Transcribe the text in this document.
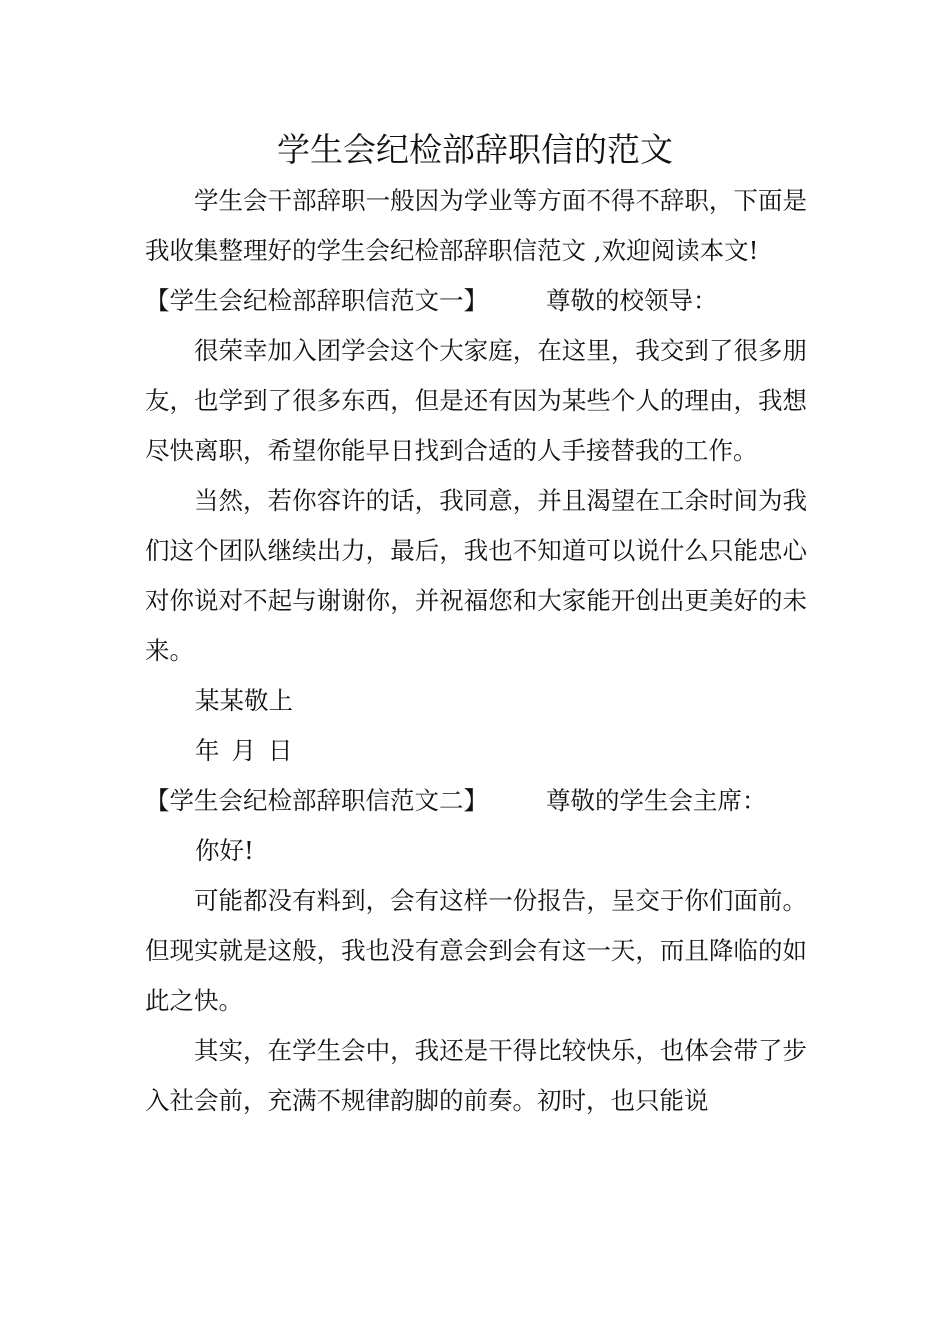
学生会纪检部辞职信的范文

学生会干部辞职一般因为学业等方面不得不辞职，下面是我收集整理好的学生会纪检部辞职信范文 ,欢迎阅读本文!

【学生会纪检部辞职信范文一】 尊敬的校领导：

很荣幸加入团学会这个大家庭，在这里，我交到了很多朋友，也学到了很多东西，但是还有因为某些个人的理由，我想尽快离职，希望你能早日找到合适的人手接替我的工作。

当然，若你容许的话，我同意，并且渴望在工余时间为我们这个团队继续出力，最后，我也不知道可以说什么只能忠心对你说对不起与谢谢你，并祝福您和大家能开创出更美好的未来。

某某敬上

年 月 日

【学生会纪检部辞职信范文二】 尊敬的学生会主席：

你好!

可能都没有料到，会有这样一份报告，呈交于你们面前。但现实就是这般，我也没有意会到会有这一天，而且降临的如此之快。

其实，在学生会中，我还是干得比较快乐，也体会带了步入社会前，充满不规律韵脚的前奏。初时，也只能说
